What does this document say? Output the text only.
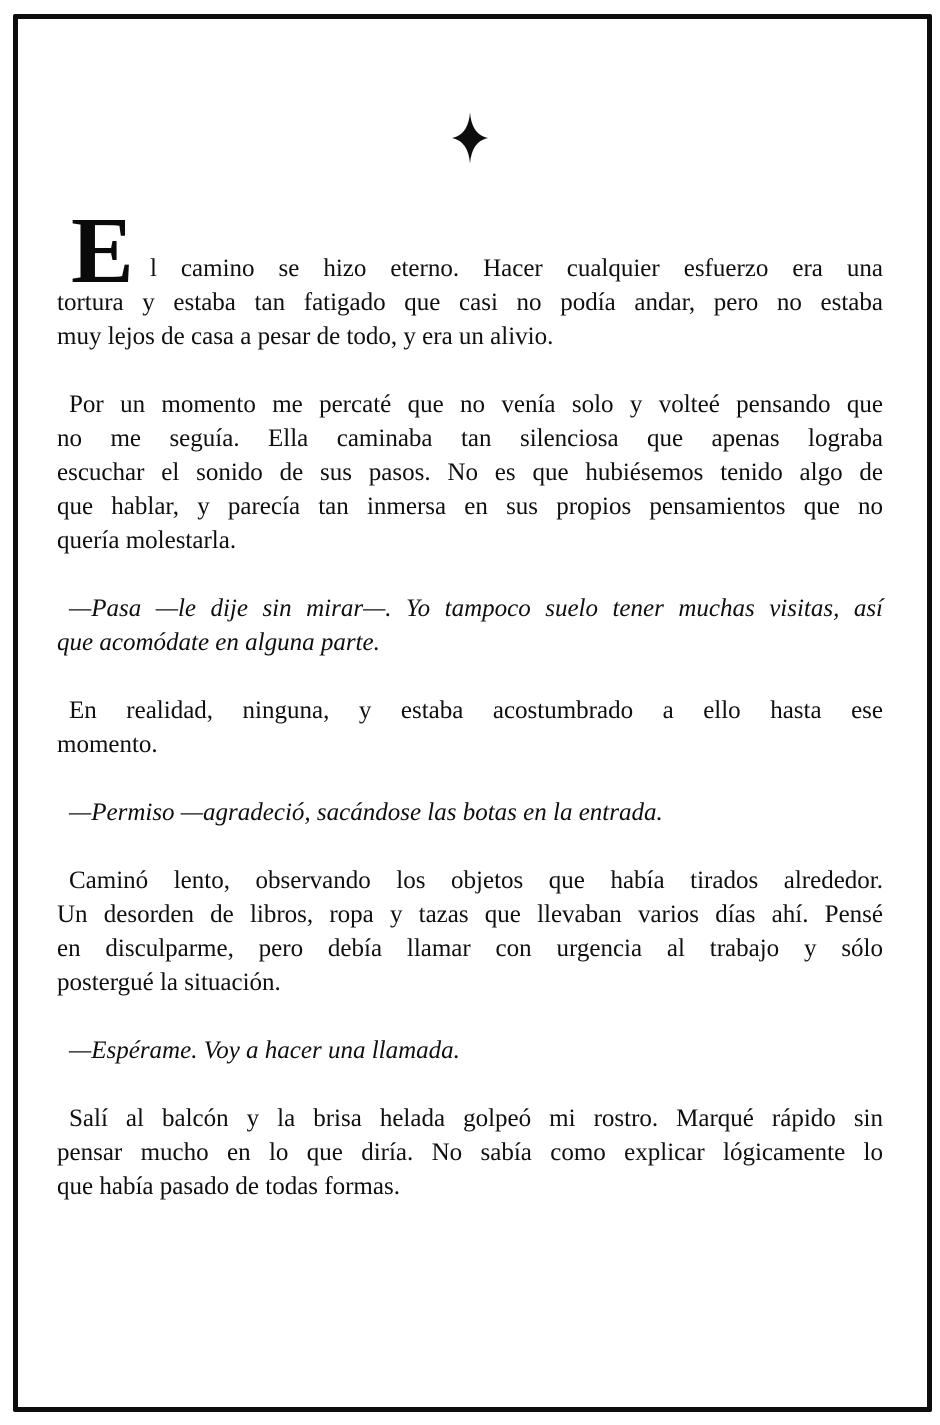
E l camino se hizo eterno. Hacer cualquier esfuerzo era una
tortura y estaba tan fatigado que casi no podía andar, pero no estaba
muy lejos de casa a pesar de todo, y era un alivio.
Por un momento me percaté que no venía solo y volteé pensando que
no me seguía. Ella caminaba tan silenciosa que apenas lograba
escuchar el sonido de sus pasos. No es que hubiésemos tenido algo de
que hablar, y parecía tan inmersa en sus propios pensamientos que no
quería molestarla.
—Pasa —le dije sin mirar—. Yo tampoco suelo tener muchas visitas, así
que acomódate en alguna parte.
En realidad, ninguna, y estaba acostumbrado a ello hasta ese
momento.
—Permiso —agradeció, sacándose las botas en la entrada.
Caminó lento, observando los objetos que había tirados alrededor.
Un desorden de libros, ropa y tazas que llevaban varios días ahí. Pensé
en disculparme, pero debía llamar con urgencia al trabajo y sólo
postergué la situación.
—Espérame. Voy a hacer una llamada.
Salí al balcón y la brisa helada golpeó mi rostro. Marqué rápido sin
pensar mucho en lo que diría. No sabía como explicar lógicamente lo
que había pasado de todas formas.
